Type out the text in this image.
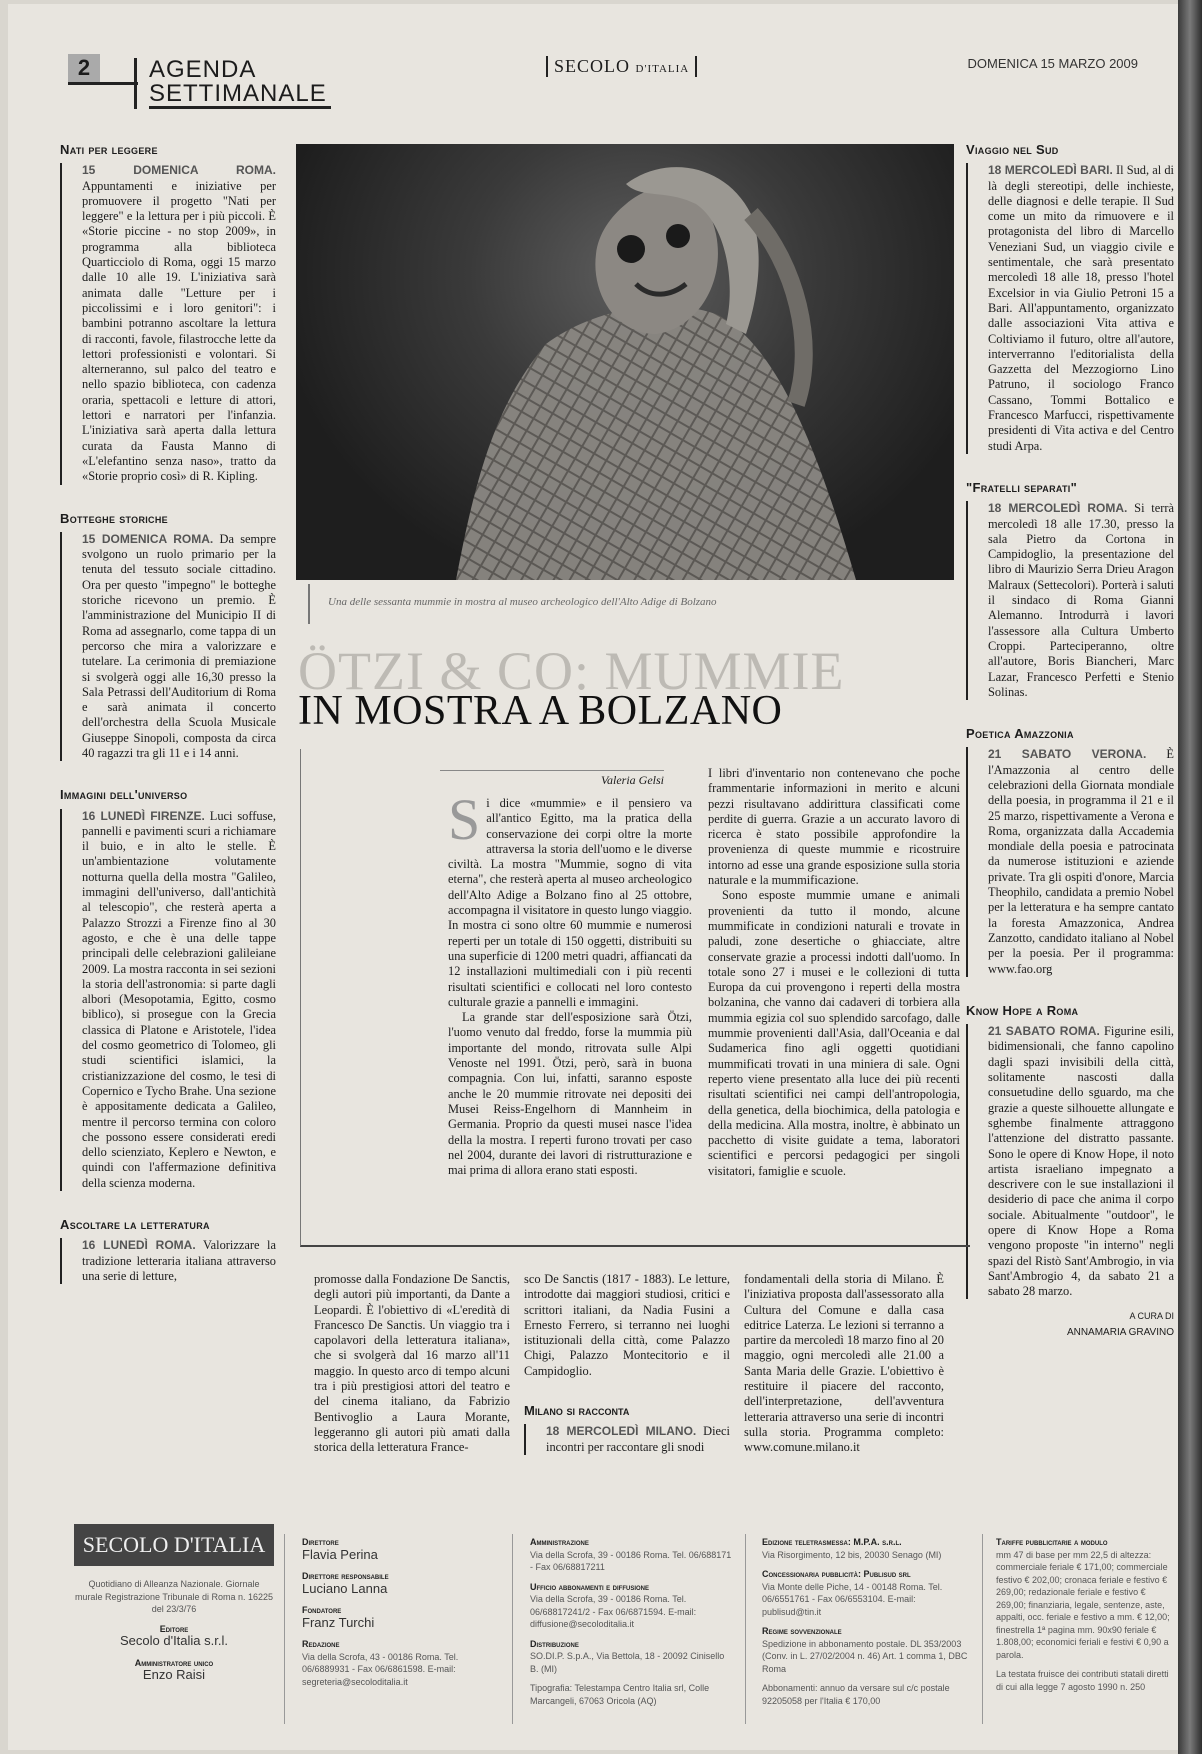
2	AGENDA
SETTIMANALE
SECOLO D'ITALIA	DOMENICA 15 MARZO 2009
Nati per leggere
15 DOMENICA ROMA. Appuntamenti e iniziative per promuovere il progetto "Nati per leggere" e la lettura per i più piccoli. È «Storie piccine - no stop 2009», in programma alla biblioteca Quarticciolo di Roma, oggi 15 marzo dalle 10 alle 19. L'iniziativa sarà animata dalle "Letture per i piccolissimi e i loro genitori": i bambini potranno ascoltare la lettura di racconti, favole, filastrocche lette da lettori professionisti e volontari. Si alterneranno, sul palco del teatro e nello spazio biblioteca, con cadenza oraria, spettacoli e letture di attori, lettori e narratori per l'infanzia. L'iniziativa sarà aperta dalla lettura curata da Fausta Manno di «L'elefantino senza naso», tratto da «Storie proprio così» di R. Kipling.
Botteghe storiche
15 DOMENICA ROMA. Da sempre svolgono un ruolo primario per la tenuta del tessuto sociale cittadino. Ora per questo "impegno" le botteghe storiche ricevono un premio. È l'amministrazione del Municipio II di Roma ad assegnarlo, come tappa di un percorso che mira a valorizzare e tutelare. La cerimonia di premiazione si svolgerà oggi alle 16,30 presso la Sala Petrassi dell'Auditorium di Roma e sarà animata il concerto dell'orchestra della Scuola Musicale Giuseppe Sinopoli, composta da circa 40 ragazzi tra gli 11 e i 14 anni.
Immagini dell'universo
16 LUNEDÌ FIRENZE. Luci soffuse, pannelli e pavimenti scuri a richiamare il buio, e in alto le stelle. È un'ambientazione volutamente notturna quella della mostra "Galileo, immagini dell'universo, dall'antichità al telescopio", che resterà aperta a Palazzo Strozzi a Firenze fino al 30 agosto, e che è una delle tappe principali delle celebrazioni galileiane 2009. La mostra racconta in sei sezioni la storia dell'astronomia: si parte dagli albori (Mesopotamia, Egitto, cosmo biblico), si prosegue con la Grecia classica di Platone e Aristotele, l'idea del cosmo geometrico di Tolomeo, gli studi scientifici islamici, la cristianizzazione del cosmo, le tesi di Copernico e Tycho Brahe. Una sezione è appositamente dedicata a Galileo, mentre il percorso termina con coloro che possono essere considerati eredi dello scienziato, Keplero e Newton, e quindi con l'affermazione definitiva della scienza moderna.
Ascoltare la letteratura
16 LUNEDÌ ROMA. Valorizzare la tradizione letteraria italiana attraverso una serie di letture,
Una delle sessanta mummie in mostra al museo archeologico dell'Alto Adige di Bolzano
ÖTZI & CO: MUMMIE
IN MOSTRA A BOLZANO
Viaggio nel Sud
18 MERCOLEDÌ BARI. Il Sud, al di là degli stereotipi, delle inchieste, delle diagnosi e delle terapie. Il Sud come un mito da rimuovere e il protagonista del libro di Marcello Veneziani Sud, un viaggio civile e sentimentale, che sarà presentato mercoledì 18 alle 18, presso l'hotel Excelsior in via Giulio Petroni 15 a Bari. All'appuntamento, organizzato dalle associazioni Vita attiva e Coltiviamo il futuro, oltre all'autore, interverranno l'editorialista della Gazzetta del Mezzogiorno Lino Patruno, il sociologo Franco Cassano, Tommi Bottalico e Francesco Marfucci, rispettivamente presidenti di Vita activa e del Centro studi Arpa.
"Fratelli separati"
18 MERCOLEDÌ ROMA. Si terrà mercoledì 18 alle 17.30, presso la sala Pietro da Cortona in Campidoglio, la presentazione del libro di Maurizio Serra Drieu Aragon Malraux (Settecolori). Porterà i saluti il sindaco di Roma Gianni Alemanno. Introdurrà i lavori l'assessore alla Cultura Umberto Croppi. Parteciperanno, oltre all'autore, Boris Biancheri, Marc Lazar, Francesco Perfetti e Stenio Solinas.
Poetica Amazzonia
21 SABATO VERONA. È l'Amazzonia al centro delle celebrazioni della Giornata mondiale della poesia, in programma il 21 e il 25 marzo, rispettivamente a Verona e Roma, organizzata dalla Accademia mondiale della poesia e patrocinata da numerose istituzioni e aziende private. Tra gli ospiti d'onore, Marcia Theophilo, candidata a premio Nobel per la letteratura e ha sempre cantato la foresta Amazzonica, Andrea Zanzotto, candidato italiano al Nobel per la poesia. Per il programma: www.fao.org
Know Hope a Roma
21 SABATO ROMA. Figurine esili, bidimensionali, che fanno capolino dagli spazi invisibili della città, solitamente nascosti dalla consuetudine dello sguardo, ma che grazie a queste silhouette allungate e sghembe finalmente attraggono l'attenzione del distratto passante. Sono le opere di Know Hope, il noto artista israeliano impegnato a descrivere con le sue installazioni il desiderio di pace che anima il corpo sociale. Abitualmente "outdoor", le opere di Know Hope a Roma vengono proposte "in interno" negli spazi del Ristò Sant'Ambrogio, in via Sant'Ambrogio 4, da sabato 21 a sabato 28 marzo.
A CURA DI
ANNAMARIA GRAVINO
Valeria Gelsi
S i dice «mummie» e il pensiero va all'antico Egitto, ma la pratica della conservazione dei corpi oltre la morte attraversa la storia dell'uomo e le diverse civiltà. La mostra "Mummie, sogno di vita eterna", che resterà aperta al museo archeologico dell'Alto Adige a Bolzano fino al 25 ottobre, accompagna il visitatore in questo lungo viaggio. In mostra ci sono oltre 60 mummie e numerosi reperti per un totale di 150 oggetti, distribuiti su una superficie di 1200 metri quadri, affiancati da 12 installazioni multimediali con i più recenti risultati scientifici e collocati nel loro contesto culturale grazie a pannelli e immagini.

La grande star dell'esposizione sarà Ötzi, l'uomo venuto dal freddo, forse la mummia più importante del mondo, ritrovata sulle Alpi Venoste nel 1991. Ötzi, però, sarà in buona compagnia. Con lui, infatti, saranno esposte anche le 20 mummie ritrovate nei depositi dei Musei Reiss-Engelhorn di Mannheim in Germania. Proprio da questi musei nasce l'idea della la mostra. I reperti furono trovati per caso nel 2004, durante dei lavori di ristrutturazione e mai prima di allora erano stati esposti.

I libri d'inventario non contenevano che poche frammentarie informazioni in merito e alcuni pezzi risultavano addirittura classificati come perdite di guerra. Grazie a un accurato lavoro di ricerca è stato possibile approfondire la provenienza di queste mummie e ricostruire intorno ad esse una grande esposizione sulla storia naturale e la mummificazione.

Sono esposte mummie umane e animali provenienti da tutto il mondo, alcune mummificate in condizioni naturali e trovate in paludi, zone desertiche o ghiacciate, altre conservate grazie a processi indotti dall'uomo. In totale sono 27 i musei e le collezioni di tutta Europa da cui provengono i reperti della mostra bolzanina, che vanno dai cadaveri di torbiera alla mummia egizia col suo splendido sarcofago, dalle mummie provenienti dall'Asia, dall'Oceania e dal Sudamerica fino agli oggetti quotidiani mummificati trovati in una miniera di sale. Ogni reperto viene presentato alla luce dei più recenti risultati scientifici nei campi dell'antropologia, della genetica, della biochimica, della patologia e della medicina. Alla mostra, inoltre, è abbinato un pacchetto di visite guidate a tema, laboratori scientifici e percorsi pedagogici per singoli visitatori, famiglie e scuole.

promosse dalla Fondazione De Sanctis, degli autori più importanti, da Dante a Leopardi. È l'obiettivo di «L'eredità di Francesco De Sanctis. Un viaggio tra i capolavori della letteratura italiana», che si svolgerà dal 16 marzo all'11 maggio. In questo arco di tempo alcuni tra i più prestigiosi attori del teatro e del cinema italiano, da Fabrizio Bentivoglio a Laura Morante, leggeranno gli autori più amati dalla storica della letteratura France-

sco De Sanctis (1817 - 1883). Le letture, introdotte dai maggiori studiosi, critici e scrittori italiani, da Nadia Fusini a Ernesto Ferrero, si terranno nei luoghi istituzionali della città, come Palazzo Chigi, Palazzo Montecitorio e il Campidoglio.

Milano si racconta
18 MERCOLEDÌ MILANO. Dieci incontri per raccontare gli snodi
fondamentali della storia di Milano. È l'iniziativa proposta dall'assessorato alla Cultura del Comune e dalla casa editrice Laterza. Le lezioni si terranno a partire da mercoledì 18 marzo fino al 20 maggio, ogni mercoledì alle 21.00 a Santa Maria delle Grazie. L'obiettivo è restituire il piacere del racconto, dell'interpretazione, dell'avventura letteraria attraverso una serie di incontri sulla storia. Programma completo: www.comune.milano.it
SECOLO D'ITALIA
Quotidiano di Alleanza Nazionale. Giornale murale Registrazione Tribunale di Roma n. 16225 del 23/3/76
Editore
Secolo d'Italia s.r.l.
Amministratore unico
Enzo Raisi
Direttore
Flavia Perina
Direttore responsabile
Luciano Lanna
Fondatore
Franz Turchi
Redazione
Via della Scrofa, 43 - 00186 Roma. Tel. 06/6889931 - Fax 06/6861598. E-mail: segreteria@secoloditalia.it
Amministrazione
Via della Scrofa, 39 - 00186 Roma. Tel. 06/688171 - Fax 06/68817211
Ufficio abbonamenti e diffusione
Via della Scrofa, 39 - 00186 Roma. Tel. 06/68817241/2 - Fax 06/6871594. E-mail: diffusione@secoloditalia.it
Distribuzione
SO.DI.P. S.p.A., Via Bettola, 18 - 20092 Cinisello B. (MI)
Tipografia: Telestampa Centro Italia srl, Colle Marcangeli, 67063 Oricola (AQ)
Edizione teletrasmessa: M.P.A. s.r.l.
Via Risorgimento, 12 bis, 20030 Senago (MI)
Concessionaria pubblicità: Publisud srl
Via Monte delle Piche, 14 - 00148 Roma. Tel. 06/6551761 - Fax 06/6553104. E-mail: publisud@tin.it
Regime sovvenzionale
Spedizione in abbonamento postale. DL 353/2003 (Conv. in L. 27/02/2004 n. 46) Art. 1 comma 1, DBC Roma
Abbonamenti: annuo da versare sul c/c postale 92205058 per l'Italia € 170,00
Tariffe pubblicitarie a modulo
mm 47 di base per mm 22,5 di altezza: commerciale feriale € 171,00; commerciale festivo € 202,00; cronaca feriale e festivo € 269,00; redazionale feriale e festivo € 269,00; finanziaria, legale, sentenze, aste, appalti, occ. feriale e festivo a mm. € 12,00; finestrella 1ª pagina mm. 90x90 feriale € 1.808,00; economici feriali e festivi € 0,90 a parola.
La testata fruisce dei contributi statali diretti di cui alla legge 7 agosto 1990 n. 250
